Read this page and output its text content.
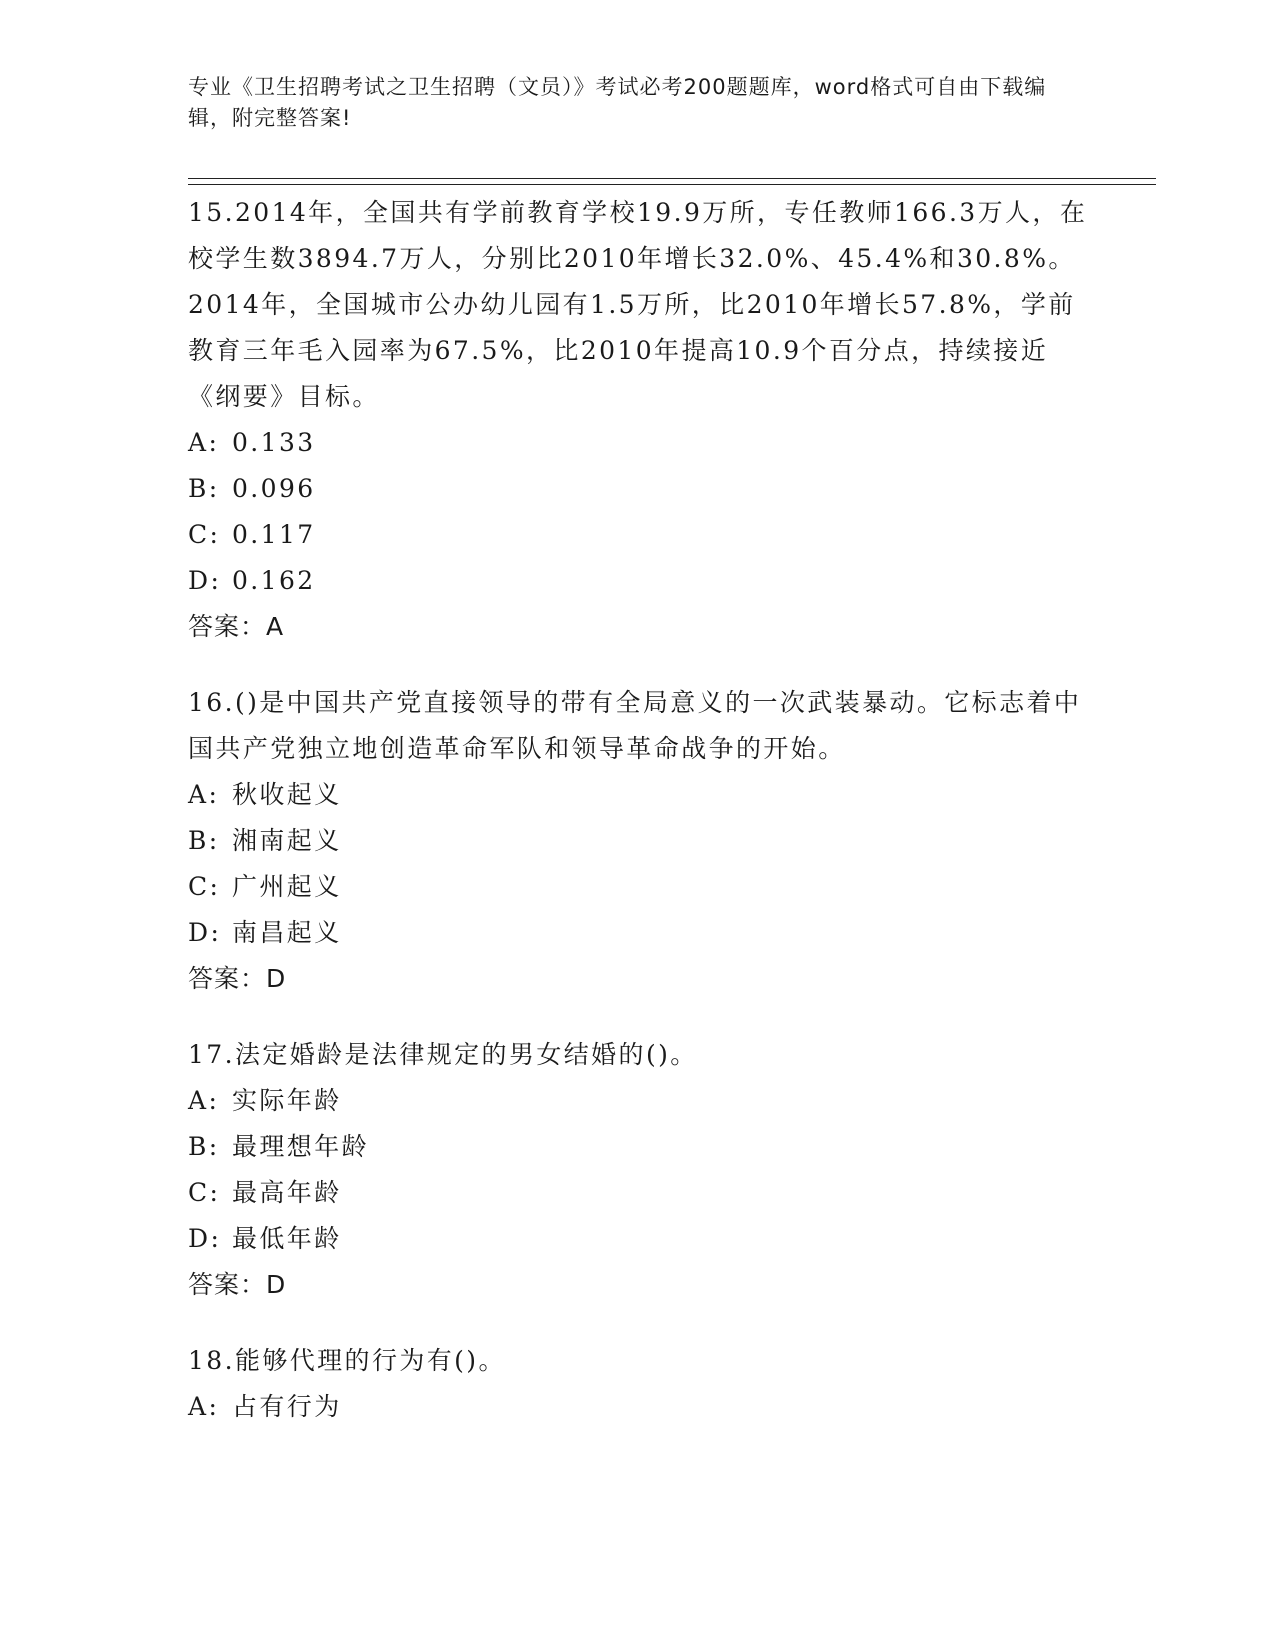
专业《卫生招聘考试之卫生招聘（文员）》考试必考200题题库，word格式可自由下载编辑，附完整答案!
15.2014年，全国共有学前教育学校19.9万所，专任教师166.3万人，在校学生数3894.7万人，分别比2010年增长32.0%、45.4%和30.8%。2014年，全国城市公办幼儿园有1.5万所，比2010年增长57.8%，学前教育三年毛入园率为67.5%，比2010年提高10.9个百分点，持续接近《纲要》目标。
A: 0.133
B: 0.096
C: 0.117
D: 0.162
答案：A
16.()是中国共产党直接领导的带有全局意义的一次武装暴动。它标志着中国共产党独立地创造革命军队和领导革命战争的开始。
A: 秋收起义
B: 湘南起义
C: 广州起义
D: 南昌起义
答案：D
17.法定婚龄是法律规定的男女结婚的()。
A: 实际年龄
B: 最理想年龄
C: 最高年龄
D: 最低年龄
答案：D
18.能够代理的行为有()。
A: 占有行为
